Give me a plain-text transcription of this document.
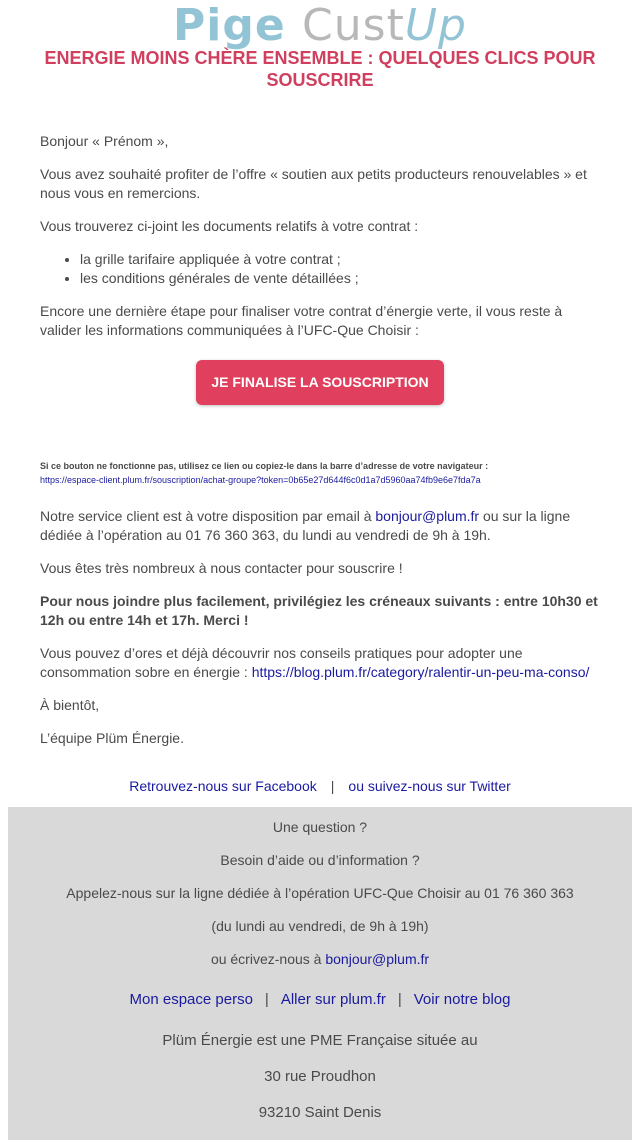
Pige CustUp
ENERGIE MOINS CHÈRE ENSEMBLE : QUELQUES CLICS POUR SOUSCRIRE
Bonjour « Prénom »,
Vous avez souhaité profiter de l’offre « soutien aux petits producteurs renouvelables » et nous vous en remercions.
Vous trouverez ci-joint les documents relatifs à votre contrat :
• la grille tarifaire appliquée à votre contrat ;
• les conditions générales de vente détaillées ;
Encore une dernière étape pour finaliser votre contrat d’énergie verte, il vous reste à valider les informations communiquées à l’UFC-Que Choisir :
JE FINALISE LA SOUSCRIPTION
Si ce bouton ne fonctionne pas, utilisez ce lien ou copiez-le dans la barre d’adresse de votre navigateur :
https://espace-client.plum.fr/souscription/achat-groupe?token=0b65e27d644f6c0d1a7d5960aa74fb9e6e7fda7a
Notre service client est à votre disposition par email à bonjour@plum.fr ou sur la ligne dédiée à l’opération au 01 76 360 363, du lundi au vendredi de 9h à 19h.
Vous êtes très nombreux à nous contacter pour souscrire !
Pour nous joindre plus facilement, privilégiez les créneaux suivants : entre 10h30 et 12h ou entre 14h et 17h. Merci !
Vous pouvez d’ores et déjà découvrir nos conseils pratiques pour adopter une consommation sobre en énergie : https://blog.plum.fr/category/ralentir-un-peu-ma-conso/
À bientôt,
L’équipe Plüm Énergie.
Retrouvez-nous sur Facebook | ou suivez-nous sur Twitter
Une question ?
Besoin d’aide ou d’information ?
Appelez-nous sur la ligne dédiée à l’opération UFC-Que Choisir au 01 76 360 363
(du lundi au vendredi, de 9h à 19h)
ou écrivez-nous à bonjour@plum.fr
Mon espace perso | Aller sur plum.fr | Voir notre blog
Plüm Énergie est une PME Française située au
30 rue Proudhon
93210 Saint Denis
